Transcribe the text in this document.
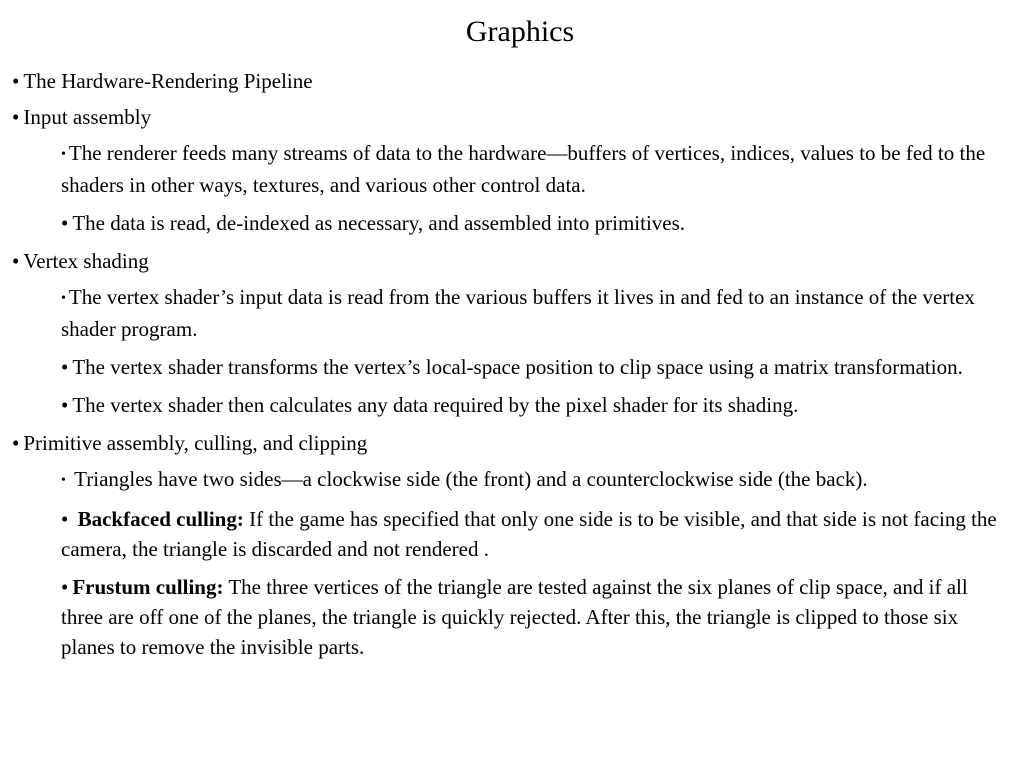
Graphics
• The Hardware-Rendering Pipeline
• Input assembly
• The renderer feeds many streams of data to the hardware—buffers of vertices, indices, values to be fed to the shaders in other ways, textures, and various other control data.
• The data is read, de-indexed as necessary, and assembled into primitives.
• Vertex shading
• The vertex shader’s input data is read from the various buffers it lives in and fed to an instance of the vertex shader program.
• The vertex shader transforms the vertex’s local-space position to clip space using a matrix transformation.
• The vertex shader then calculates any data required by the pixel shader for its shading.
• Primitive assembly, culling, and clipping
• Triangles have two sides—a clockwise side (the front) and a counterclockwise side (the back).
• Backfaced culling: If the game has specified that only one side is to be visible, and that side is not facing the camera, the triangle is discarded and not rendered .
• Frustum culling: The three vertices of the triangle are tested against the six planes of clip space, and if all three are off one of the planes, the triangle is quickly rejected. After this, the triangle is clipped to those six planes to remove the invisible parts.
